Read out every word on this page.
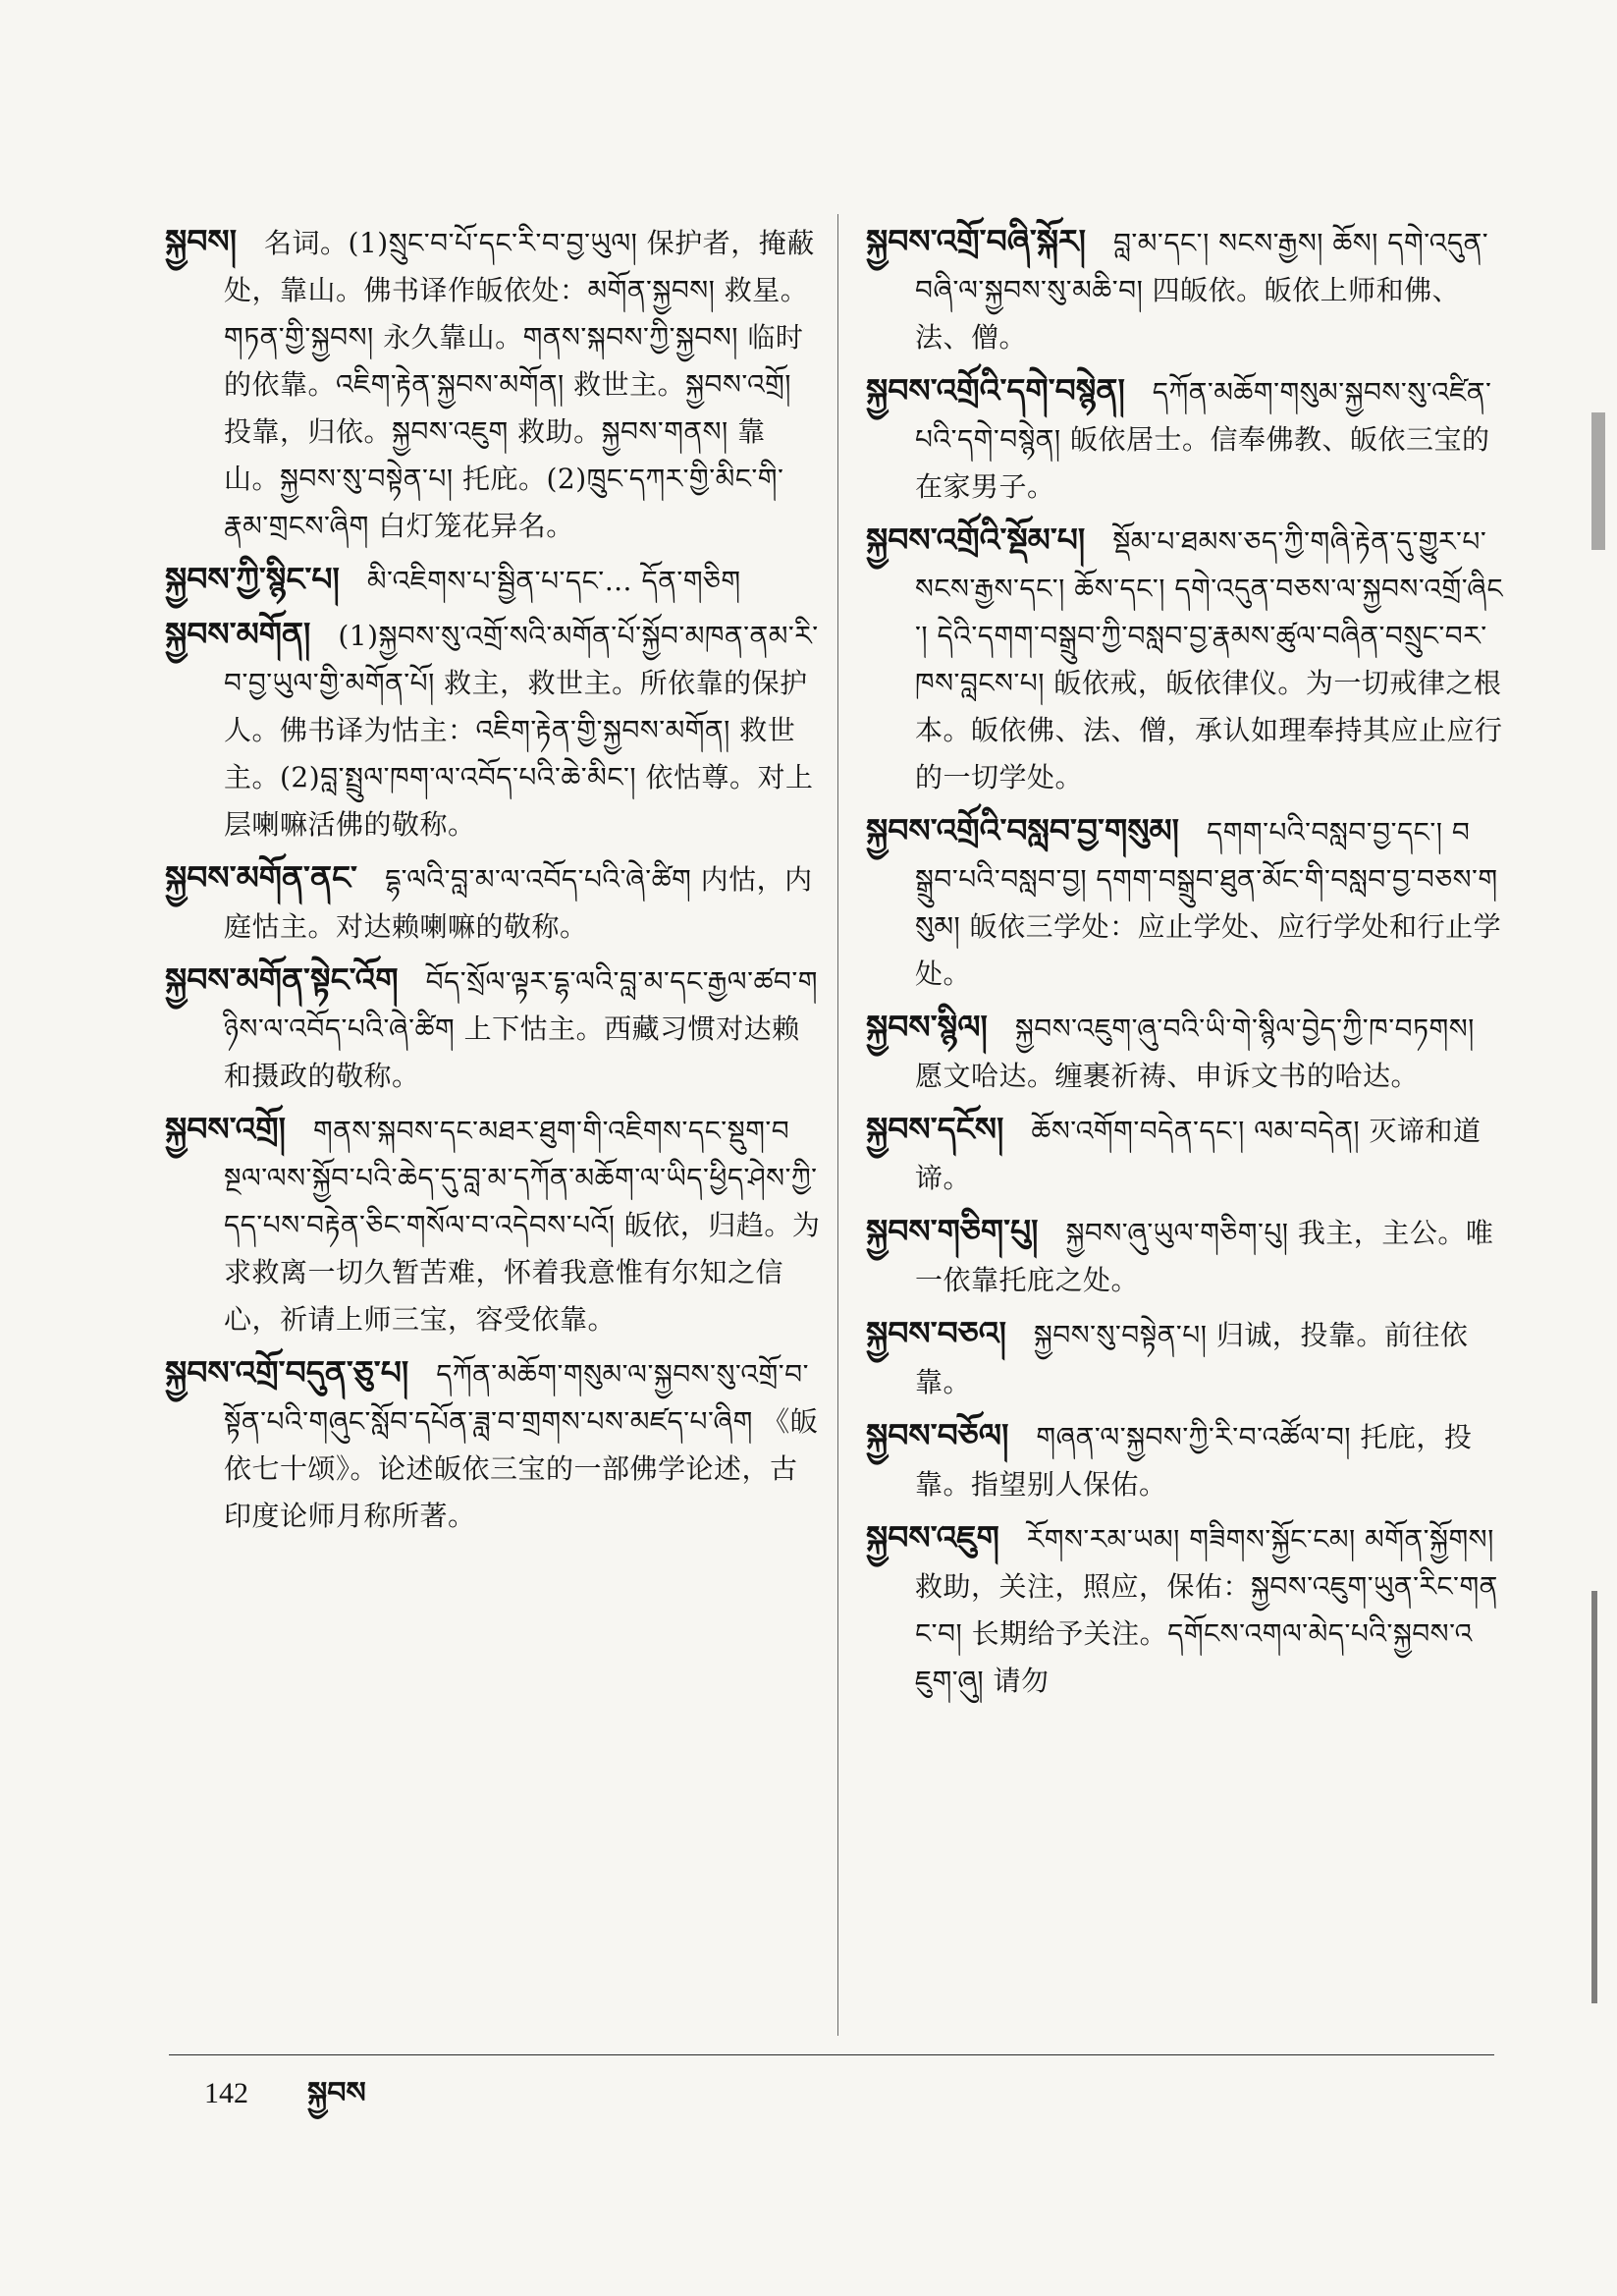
སྐྱབས། 名词。(1)སྲུང་བ་པོ་དང་རི་བ་བྱ་ཡུལ། 保护者，掩蔽处，靠山。佛书译作皈依处：མགོན་སྐྱབས། 救星。གཏན་གྱི་སྐྱབས། 永久靠山。གནས་སྐབས་ཀྱི་སྐྱབས། 临时的依靠。འཇིག་རྟེན་སྐྱབས་མགོན། 救世主。སྐྱབས་འགྲོ། 投靠，归依。སྐྱབས་འཇུག 救助。སྐྱབས་གནས། 靠山。སྐྱབས་སུ་བསྟེན་པ། 托庇。(2)ཁྲུང་དཀར་གྱི་མིང་གི་རྣམ་གྲངས་ཞིག 白灯笼花异名。
སྐྱབས་ཀྱི་སྙིང་པ། མི་འཇིགས་པ་སྦྱིན་པ་དང་… དོན་གཅིག
སྐྱབས་མགོན། (1)སྐྱབས་སུ་འགྲོ་སའི་མགོན་པོ་སྐྱོབ་མཁན་ནམ་རི་བ་བྱ་ཡུལ་གྱི་མགོན་པོ། 救主，救世主。所依靠的保护人。佛书译为怙主：འཇིག་རྟེན་གྱི་སྐྱབས་མགོན། 救世主。(2)བླ་སྤྲུལ་ཁག་ལ་འབོད་པའི་ཆེ་མིང་། 依怙尊。对上层喇嘛活佛的敬称。
སྐྱབས་མགོན་ནང་ དྷ་ལའི་བླ་མ་ལ་འབོད་པའི་ཞེ་ཚིག 内怙，内庭怙主。对达赖喇嘛的敬称。
སྐྱབས་མགོན་སྟེང་འོག བོད་སྲོལ་ལྟར་དྷ་ལའི་བླ་མ་དང་རྒྱལ་ཚབ་གཉིས་ལ་འབོད་པའི་ཞེ་ཚིག 上下怙主。西藏习惯对达赖和摄政的敬称。
སྐྱབས་འགྲོ། གནས་སྐབས་དང་མཐར་ཐུག་གི་འཇིགས་དང་སྡུག་བསྔལ་ལས་སྐྱོབ་པའི་ཆེད་དུ་བླ་མ་དཀོན་མཆོག་ལ་ཡིད་ཕྱིད་ཤེས་ཀྱི་དད་པས་བརྟེན་ཅིང་གསོལ་བ་འདེབས་པའོ། 皈依，归趋。为求救离一切久暂苦难，怀着我意惟有尔知之信心，祈请上师三宝，容受依靠。
སྐྱབས་འགྲོ་བདུན་ཅུ་པ། དཀོན་མཆོག་གསུམ་ལ་སྐྱབས་སུ་འགྲོ་བ་སྟོན་པའི་གཞུང་སློབ་དཔོན་ཟླ་བ་གྲགས་པས་མཛད་པ་ཞིག 《皈依七十颂》。论述皈依三宝的一部佛学论述，古印度论师月称所著。
སྐྱབས་འགྲོ་བཞི་སྐོར། བླ་མ་དང་། སངས་རྒྱས། ཆོས། དགེ་འདུན་བཞི་ལ་སྐྱབས་སུ་མཆི་བ། 四皈依。皈依上师和佛、法、僧。
སྐྱབས་འགྲོའི་དགེ་བསྙེན། དཀོན་མཆོག་གསུམ་སྐྱབས་སུ་འཛིན་པའི་དགེ་བསྙེན། 皈依居士。信奉佛教、皈依三宝的在家男子。
སྐྱབས་འགྲོའི་སྡོམ་པ། སྡོམ་པ་ཐམས་ཅད་ཀྱི་གཞི་རྟེན་དུ་གྱུར་པ་སངས་རྒྱས་དང་། ཆོས་དང་། དགེ་འདུན་བཅས་ལ་སྐྱབས་འགྲོ་ཞིང་། དེའི་དགག་བསྒྲུབ་ཀྱི་བསླབ་བྱ་རྣམས་ཚུལ་བཞིན་བསྲུང་བར་ཁས་བླངས་པ། 皈依戒，皈依律仪。为一切戒律之根本。皈依佛、法、僧，承认如理奉持其应止应行的一切学处。
སྐྱབས་འགྲོའི་བསླབ་བྱ་གསུམ། དགག་པའི་བསླབ་བྱ་དང་། བསྒྲུབ་པའི་བསླབ་བྱ། དགག་བསྒྲུབ་ཐུན་མོང་གི་བསླབ་བྱ་བཅས་གསུམ། 皈依三学处：应止学处、应行学处和行止学处。
སྐྱབས་སྙིལ། སྐྱབས་འཇུག་ཞུ་བའི་ཡི་གེ་སྙིལ་བྱེད་ཀྱི་ཁ་བཏགས། 愿文哈达。缠裹祈祷、申诉文书的哈达。
སྐྱབས་དངོས། ཆོས་འགོག་བདེན་དང་། ལམ་བདེན། 灭谛和道谛。
སྐྱབས་གཅིག་པུ། སྐྱབས་ཞུ་ཡུལ་གཅིག་པུ། 我主，主公。唯一依靠托庇之处。
སྐྱབས་བཅའ། སྐྱབས་སུ་བསྟེན་པ། 归诚，投靠。前往依靠。
སྐྱབས་བཅོལ། གཞན་ལ་སྐྱབས་ཀྱི་རི་བ་འཚོལ་བ། 托庇，投靠。指望别人保佑。
སྐྱབས་འཇུག རོགས་རམ་ཡམ། གཟིགས་སྐྱོང་ངམ། མགོན་སྐྱོགས། 救助，关注，照应，保佑：སྐྱབས་འཇུག་ཡུན་རིང་གནང་བ། 长期给予关注。དགོངས་འགལ་མེད་པའི་སྐྱབས་འཇུག་ཞུ། 请勿
142 སྐྱབས
